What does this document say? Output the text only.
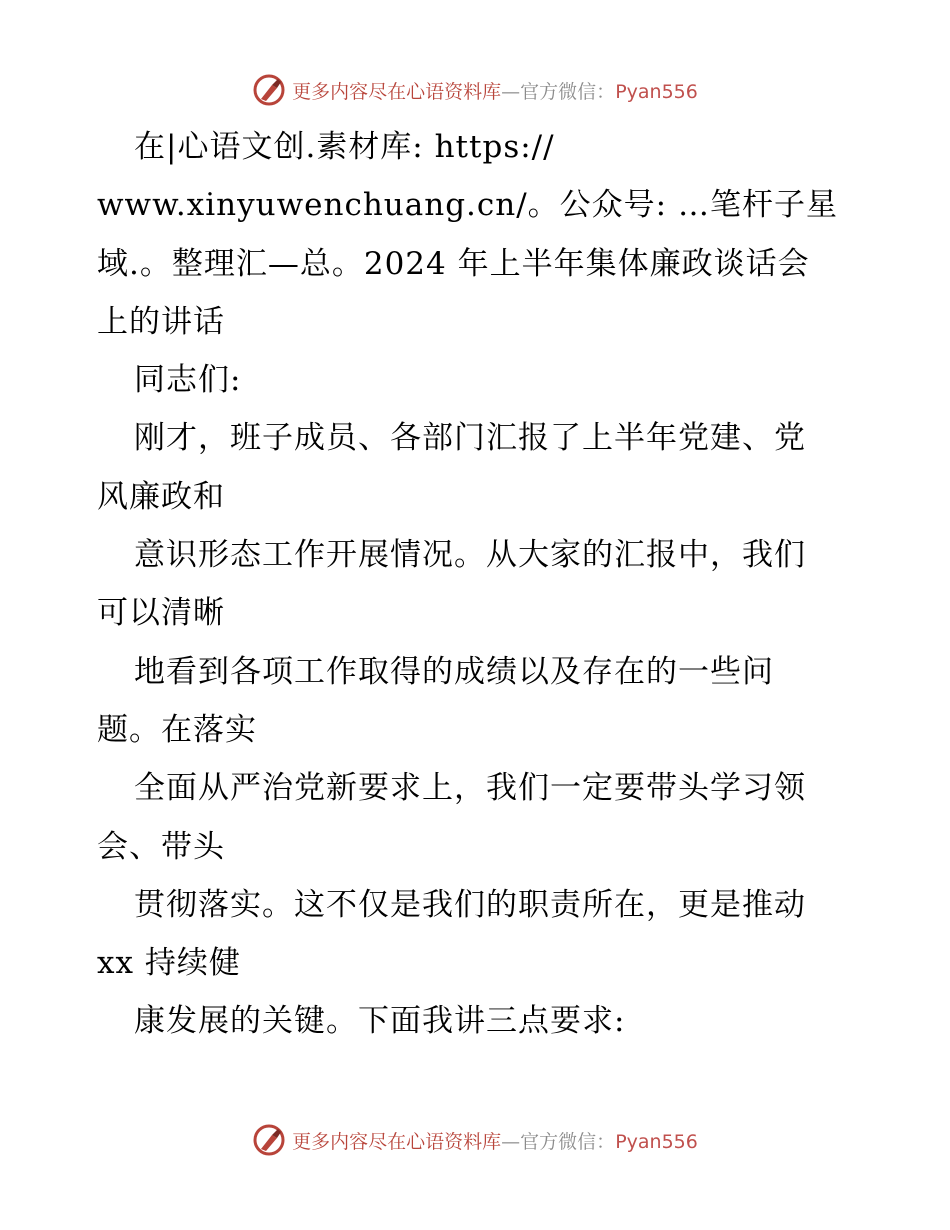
更多内容尽在心语资料库—官方微信：Pyan556
在|心语文创.素材库: https://
www.xinyuwenchuang.cn/。公众号: …笔杆子星
域.。整理汇—总。2024 年上半年集体廉政谈话会
上的讲话
同志们:
刚才，班子成员、各部门汇报了上半年党建、党
风廉政和
意识形态工作开展情况。从大家的汇报中，我们
可以清晰
地看到各项工作取得的成绩以及存在的一些问
题。在落实
全面从严治党新要求上，我们一定要带头学习领
会、带头
贯彻落实。这不仅是我们的职责所在，更是推动
xx 持续健
康发展的关键。下面我讲三点要求:
更多内容尽在心语资料库—官方微信：Pyan556
